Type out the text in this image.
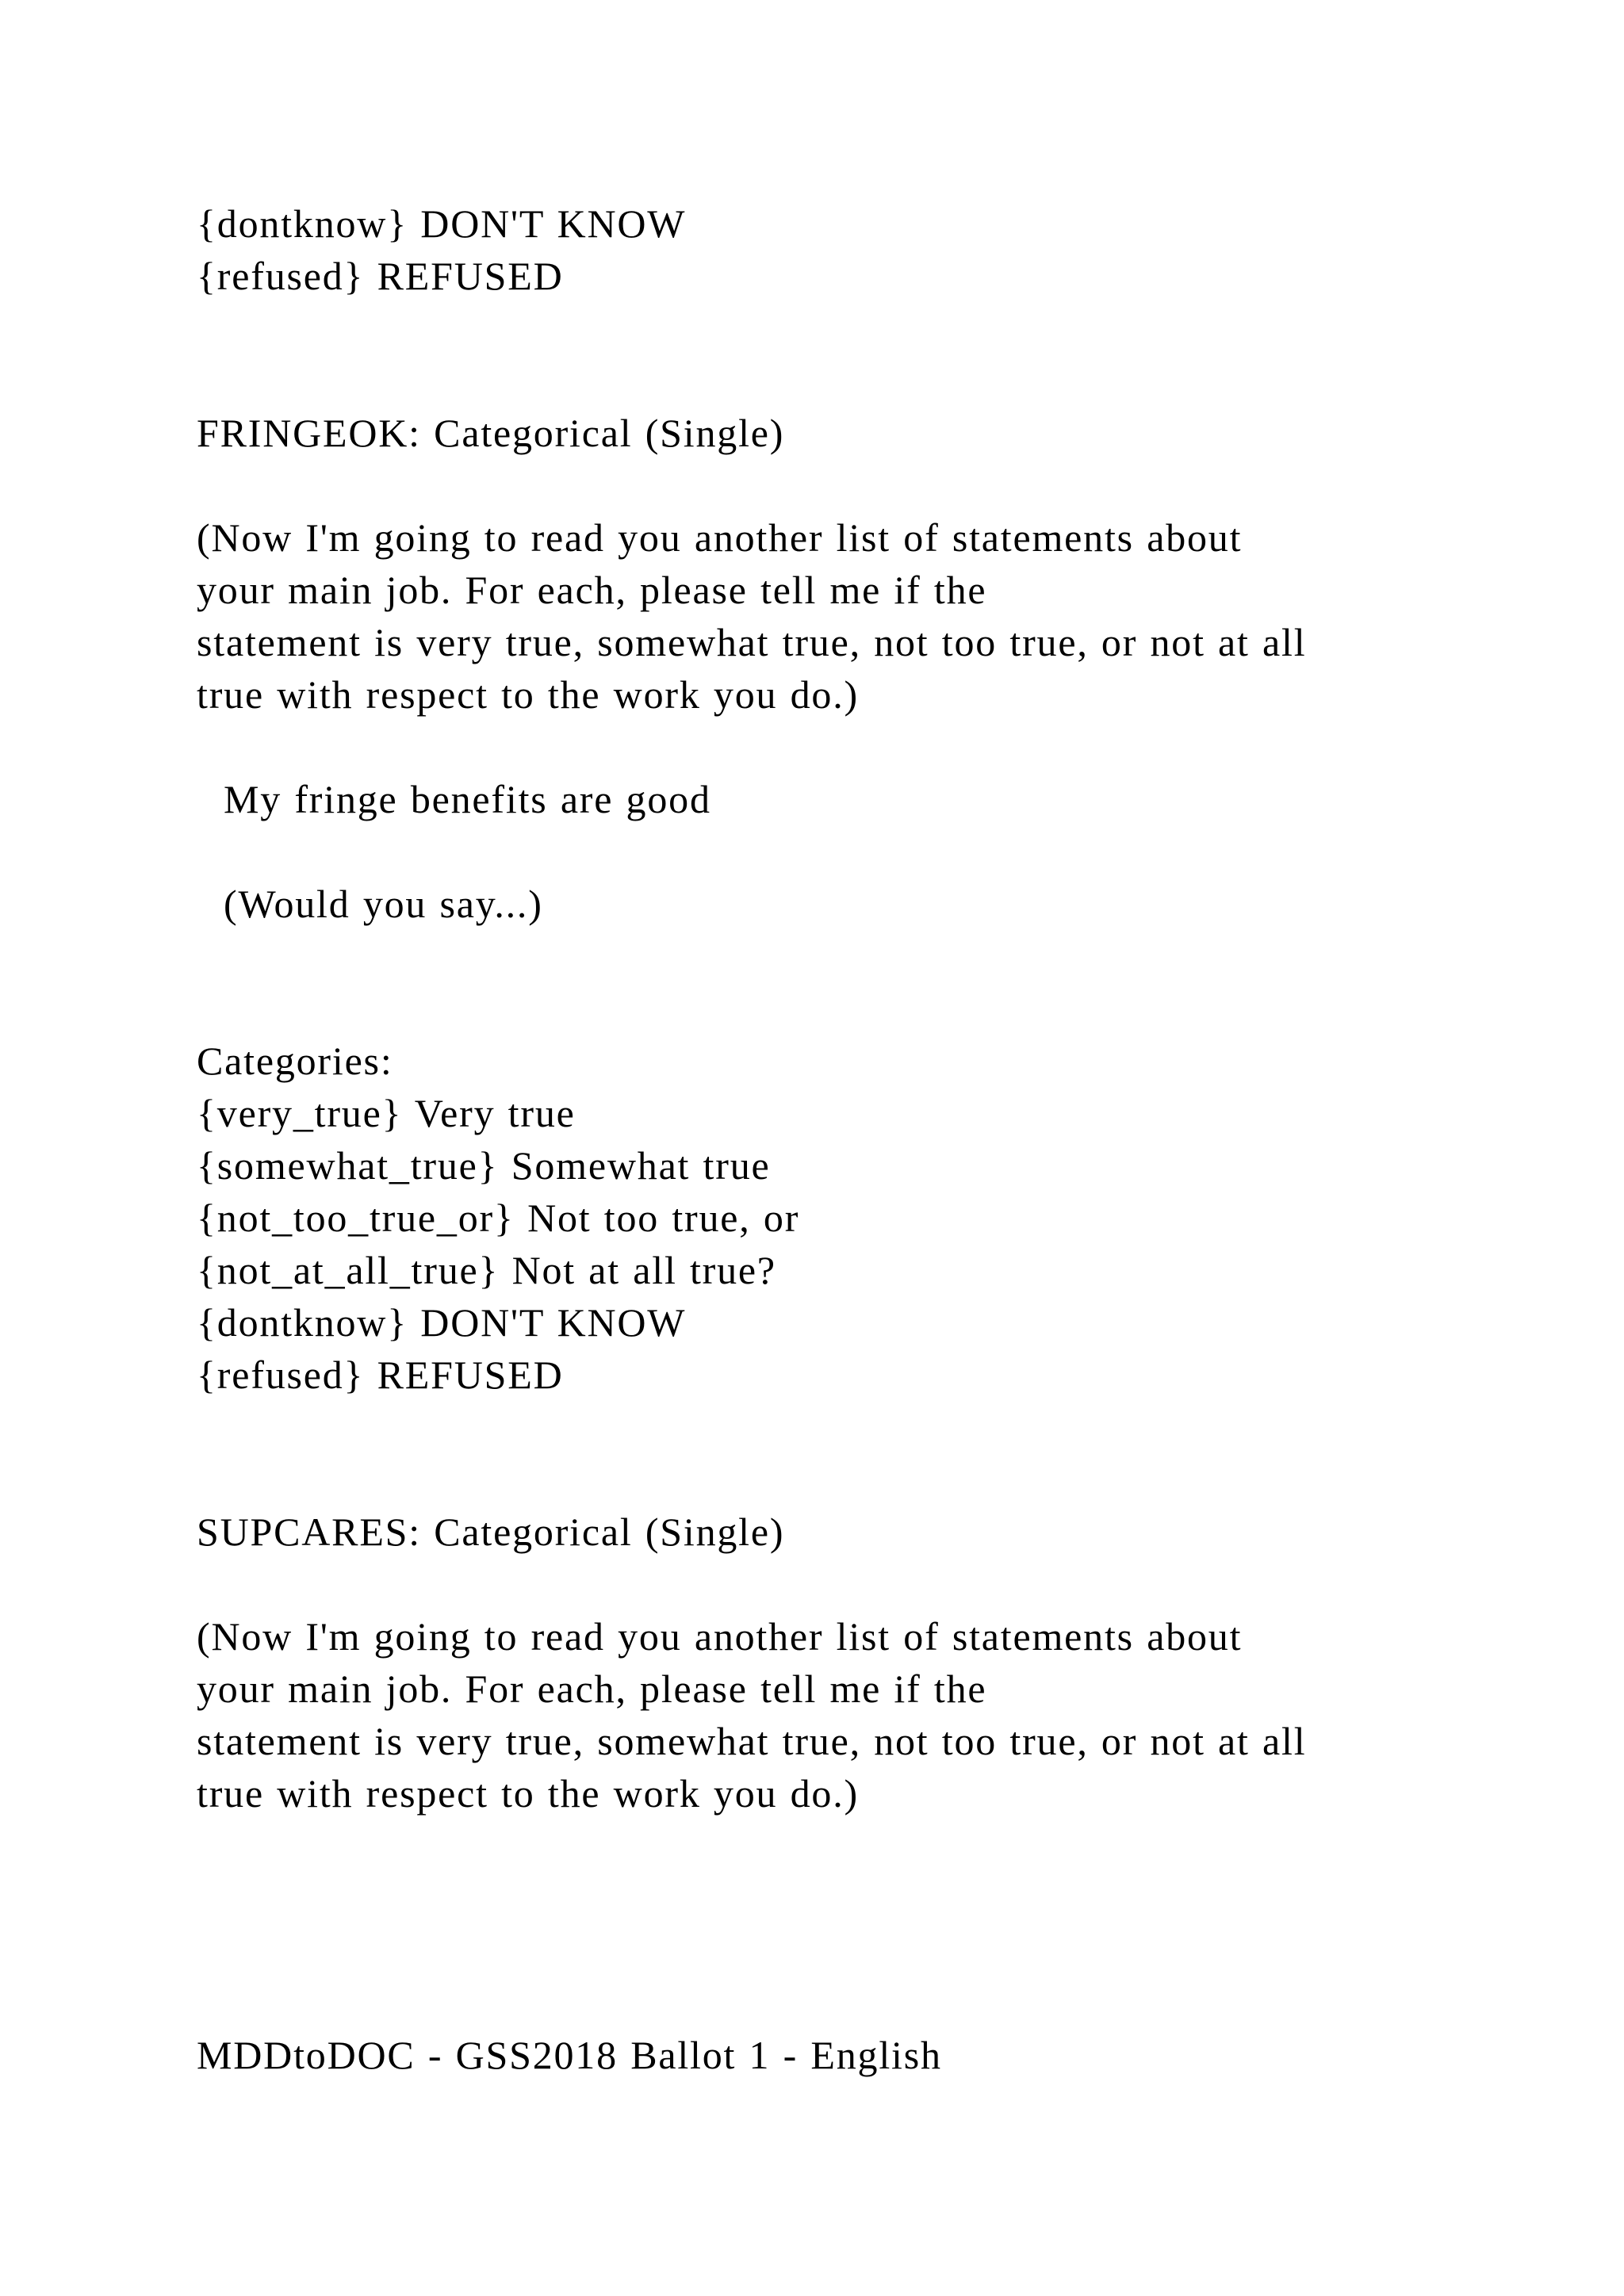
{dontknow} DON'T KNOW
{refused} REFUSED
FRINGEOK: Categorical (Single)
(Now I'm going to read you another list of statements about
your main job. For each, please tell me if the
statement is very true, somewhat true, not too true, or not at all
true with respect to the work you do.)
My fringe benefits are good
(Would you say...)
Categories:
{very_true} Very true
{somewhat_true} Somewhat true
{not_too_true_or} Not too true, or
{not_at_all_true} Not at all true?
{dontknow} DON'T KNOW
{refused} REFUSED
SUPCARES: Categorical (Single)
(Now I'm going to read you another list of statements about
your main job. For each, please tell me if the
statement is very true, somewhat true, not too true, or not at all
true with respect to the work you do.)
MDDtoDOC - GSS2018 Ballot 1 - English
